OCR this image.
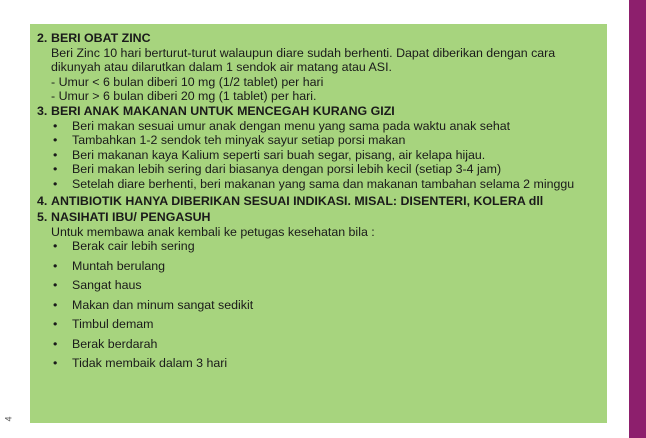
4
2. BERI OBAT ZINC
Beri Zinc 10 hari berturut-turut walaupun diare sudah berhenti. Dapat diberikan dengan cara dikunyah atau dilarutkan dalam 1 sendok air matang atau ASI.
- Umur < 6 bulan diberi 10 mg (1/2 tablet) per hari
- Umur > 6 bulan diberi 20 mg (1 tablet) per hari.
3. BERI ANAK MAKANAN UNTUK MENCEGAH KURANG GIZI
•	Beri makan sesuai umur anak dengan menu yang sama pada waktu anak sehat
•	Tambahkan 1-2 sendok teh minyak sayur setiap porsi makan
•	Beri makanan kaya Kalium seperti sari buah segar, pisang, air kelapa hijau.
•	Beri makan lebih sering dari biasanya dengan porsi lebih kecil (setiap 3-4 jam)
•	Setelah diare berhenti, beri makanan yang sama dan makanan tambahan selama 2 minggu
4. ANTIBIOTIK HANYA DIBERIKAN SESUAI INDIKASI. MISAL: DISENTERI, KOLERA dll
5. NASIHATI IBU/ PENGASUH
Untuk membawa anak kembali ke petugas kesehatan bila :
•	Berak cair lebih sering
•	Muntah berulang
•	Sangat haus
•	Makan dan minum sangat sedikit
•	Timbul demam
•	Berak berdarah
•	Tidak membaik dalam 3 hari
